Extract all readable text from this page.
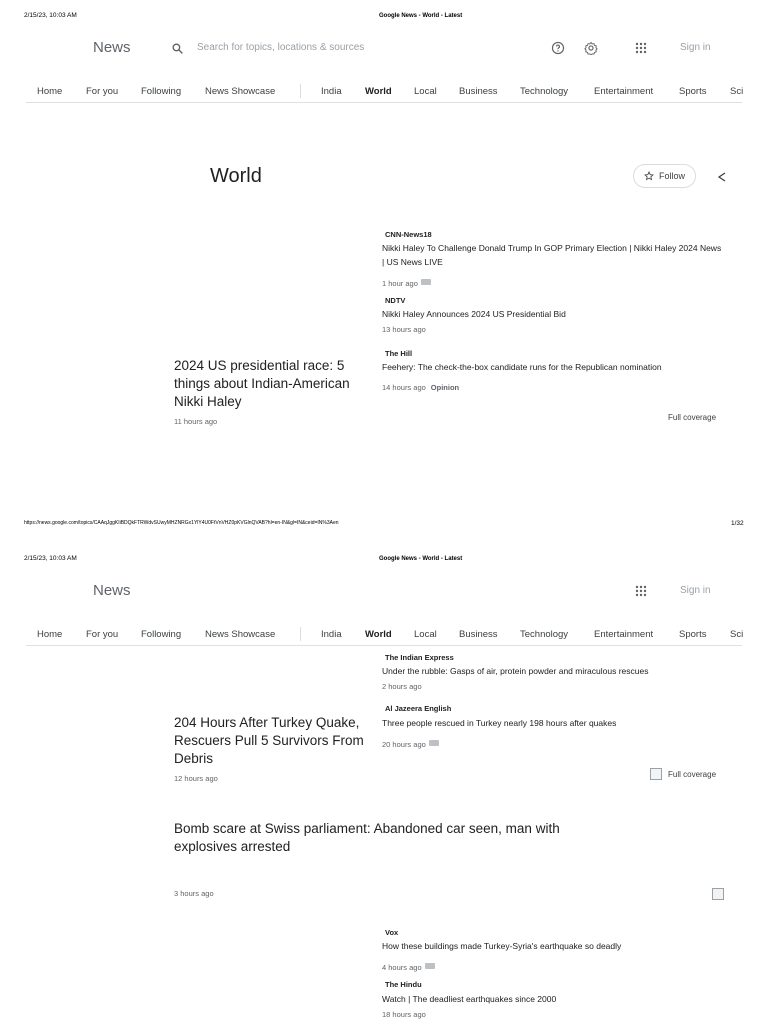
2/15/23, 10:03 AM	Google News - World - Latest
News	Search for topics, locations & sources	Sign in
Home	For you	Following	News Showcase	India	World	Local	Business	Technology	Entertainment	Sports	Sci
World	Follow
CNN-News18
Nikki Haley To Challenge Donald Trump In GOP Primary Election | Nikki Haley 2024 News | US News LIVE
1 hour ago
NDTV
Nikki Haley Announces 2024 US Presidential Bid
13 hours ago
The Hill
Feehery: The check-the-box candidate runs for the Republican nomination
14 hours ago Opinion
2024 US presidential race: 5 things about Indian-American Nikki Haley
11 hours ago	Full coverage
https://news.google.com/topics/CAAqJggKIiBDQkFTRWdvSUwyMHZNRGx1YlY4U0FtVnVHZ0pKVGlnQVAB?hl=en-IN&gl=IN&ceid=IN%3Aen	1/32
2/15/23, 10:03 AM	Google News - World - Latest
News	Sign in
Home	For you	Following	News Showcase	India	World	Local	Business	Technology	Entertainment	Sports	Sci
The Indian Express
Under the rubble: Gasps of air, protein powder and miraculous rescues
2 hours ago
Al Jazeera English
Three people rescued in Turkey nearly 198 hours after quakes
20 hours ago
204 Hours After Turkey Quake, Rescuers Pull 5 Survivors From Debris
12 hours ago	Full coverage
Bomb scare at Swiss parliament: Abandoned car seen, man with explosives arrested
3 hours ago
Vox
How these buildings made Turkey-Syria's earthquake so deadly
4 hours ago
The Hindu
Watch | The deadliest earthquakes since 2000
18 hours ago
